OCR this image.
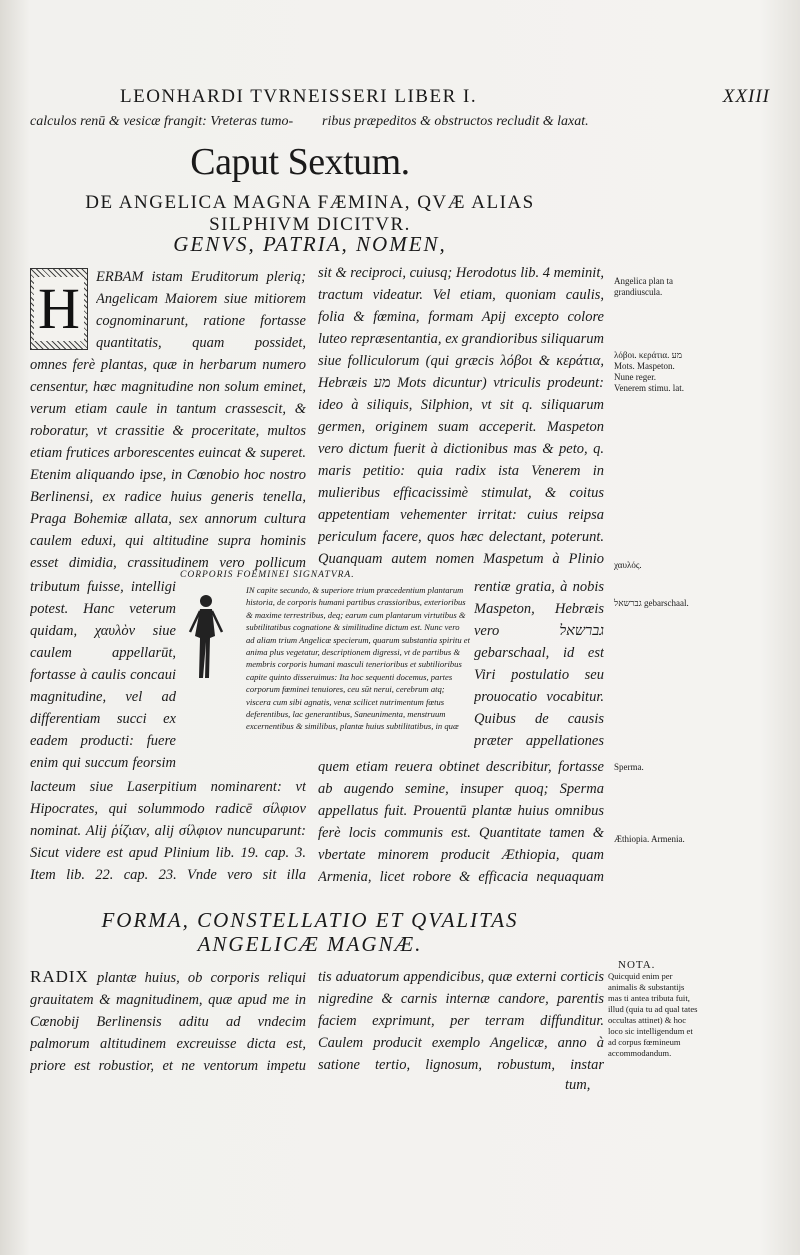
LEONHARDI TVRNEISSERI LIBER I.	XXIII
calculos renū & vesicæ frangit: Vreteras tumo- ribus præpeditos & obstructos recludit & laxat.
Caput Sextum.
DE ANGELICA MAGNA FÆMINA, QVÆ ALIAS SILPHIVM DICITVR.
GENVS, PATRIA, NOMEN,
H ERBAM istam Eruditorum plerią; Angelicam Maiorem siue mitiorem cognominarunt, ratione fortasse quantitatis, quam possidet,
omnes ferè plantas, quæ in herbarum numero censentur, hæc magnitudine non solum eminet, verum etiam caule in tantum crassescit, & roboratur, vt crassitie & proceritate, multos etiam frutices arborescentes euincat & superet. Etenim aliquando ipse, in Cœnobio hoc nostro Berlinensi, ex radice huius generis tenella, Praga Bohemiæ allata, sex annorum cultura caulem eduxi, qui altitudine supra hominis esset dimidia, crassitudinem vero pollicum
tributum fuisse, intelligi potest. Hanc veterum quidam, χαυλὸν siue caulem appellarūt, fortasse à caulis concaui magnitudine, vel ad differentiam succi ex eadem producti: fuere enim qui succum feorsim
CORPORIS FOEMINEI SIGNATVRA.
IN capite secundo, & superiore trium præcedentium plantarum historia, de corporis humani partibus crassioribus, exterioribus & maxime terrestribus, deq; earum cum plantarum virtutibus & subtilitatibus cognatione & similitudine dictum est. Nunc vero ad aliam trium Angelicæ specierum, quarum substantia spiritu et anima plus vegetatur, descriptionem digressi, vt de partibus & membris corporis humani masculi tenerioribus et subtilioribus capite quinto disseruimus: Ita hoc sequenti docemus, partes corporum fœminei tenuiores, ceu sūt nerui, cerebrum atq; viscera cum sibi agnatis, venæ scilicet nutrimentum fœtus deferentibus, lac generantibus, Saneunimenta, menstruum excernentibus & similibus, plantæ huius subtilitatibus, in quæ
lacteum siue Laserpitium nominarent: vt Hipocrates, qui solummodo radicē σίλφιον nominat. Alij ῥίζιαν, alij σίλφιον nuncuparunt: Sicut videre est apud Plinium lib. 19. cap. 3. Item lib. 22. cap. 23. Vnde vero sit illa
sit & reciproci, cuiusq; Herodotus lib. 4 meminit, tractum videatur. Vel etiam, quoniam caulis, folia & fœmina, formam Apij excepto colore luteo repræsentantia, ex grandioribus siliquarum siue folliculorum (qui græcis λόβοι & κεράτια, Hebræis מע Mots dicuntur) vtriculis prodeunt: ideo à siliquis, Silphion, vt sit q. siliquarum germen, originem suam acceperit. Maspeton vero dictum fuerit à dictionibus mas & peto, q. maris petitio: quia radix ista Venerem in mulieribus efficacissimè stimulat, & coitus appetentiam vehementer irritat: cuius reipsa periculum facere, quos hæc delectant, poterunt. Quanquam autem nomen Maspetum à Plinio
rentiæ gratia, à nobis Maspeton, Hebræis vero גברשאל gebarschaal, id est Viri postulatio seu prouocatio vocabitur. Quibus de causis præter appellationes
quem etiam reuera obtinet describitur, fortasse ab augendo semine, insuper quoq; Sperma appellatus fuit. Prouentū plantæ huius omnibus ferè locis communis est. Quantitate tamen & vbertate minorem producit Æthiopia, quam Armenia, licet robore & efficacia nequaquam
FORMA, CONSTELLATIO ET QVALITAS
ANGELICÆ MAGNÆ.
RADIX plantæ huius, ob corporis reliqui grauitatem & magnitudinem, quæ apud me in Cœnobij Berlinensis aditu ad vndecim palmorum altitudinem excreuisse dicta est, priore est robustior, et ne ventorum impetu
tis aduatorum appendicibus, quæ externi corticis nigredine & carnis internæ candore, parentis faciem exprimunt, per terram diffunditur. Caulem producit exemplo Angelicæ, anno à satione tertio, lignosum, robustum, instar
tum,
Angelica plan ta grandiuscula.
λόβοι. κεράτια. מע Mots. Maspeton. Nune reger. Venerem stimu. lat.
χαυλός.
גברשאל gebarschaal.
Sperma.
Æthiopia. Armenia.
NOTA.
Quicquid enim per animalis & substantijs mas ti antea tributa fuit, illud (quia tu ad qual tates occultas attinet) & hoc loco sic intelligendum et ad corpus fœmineum accommodandum.
